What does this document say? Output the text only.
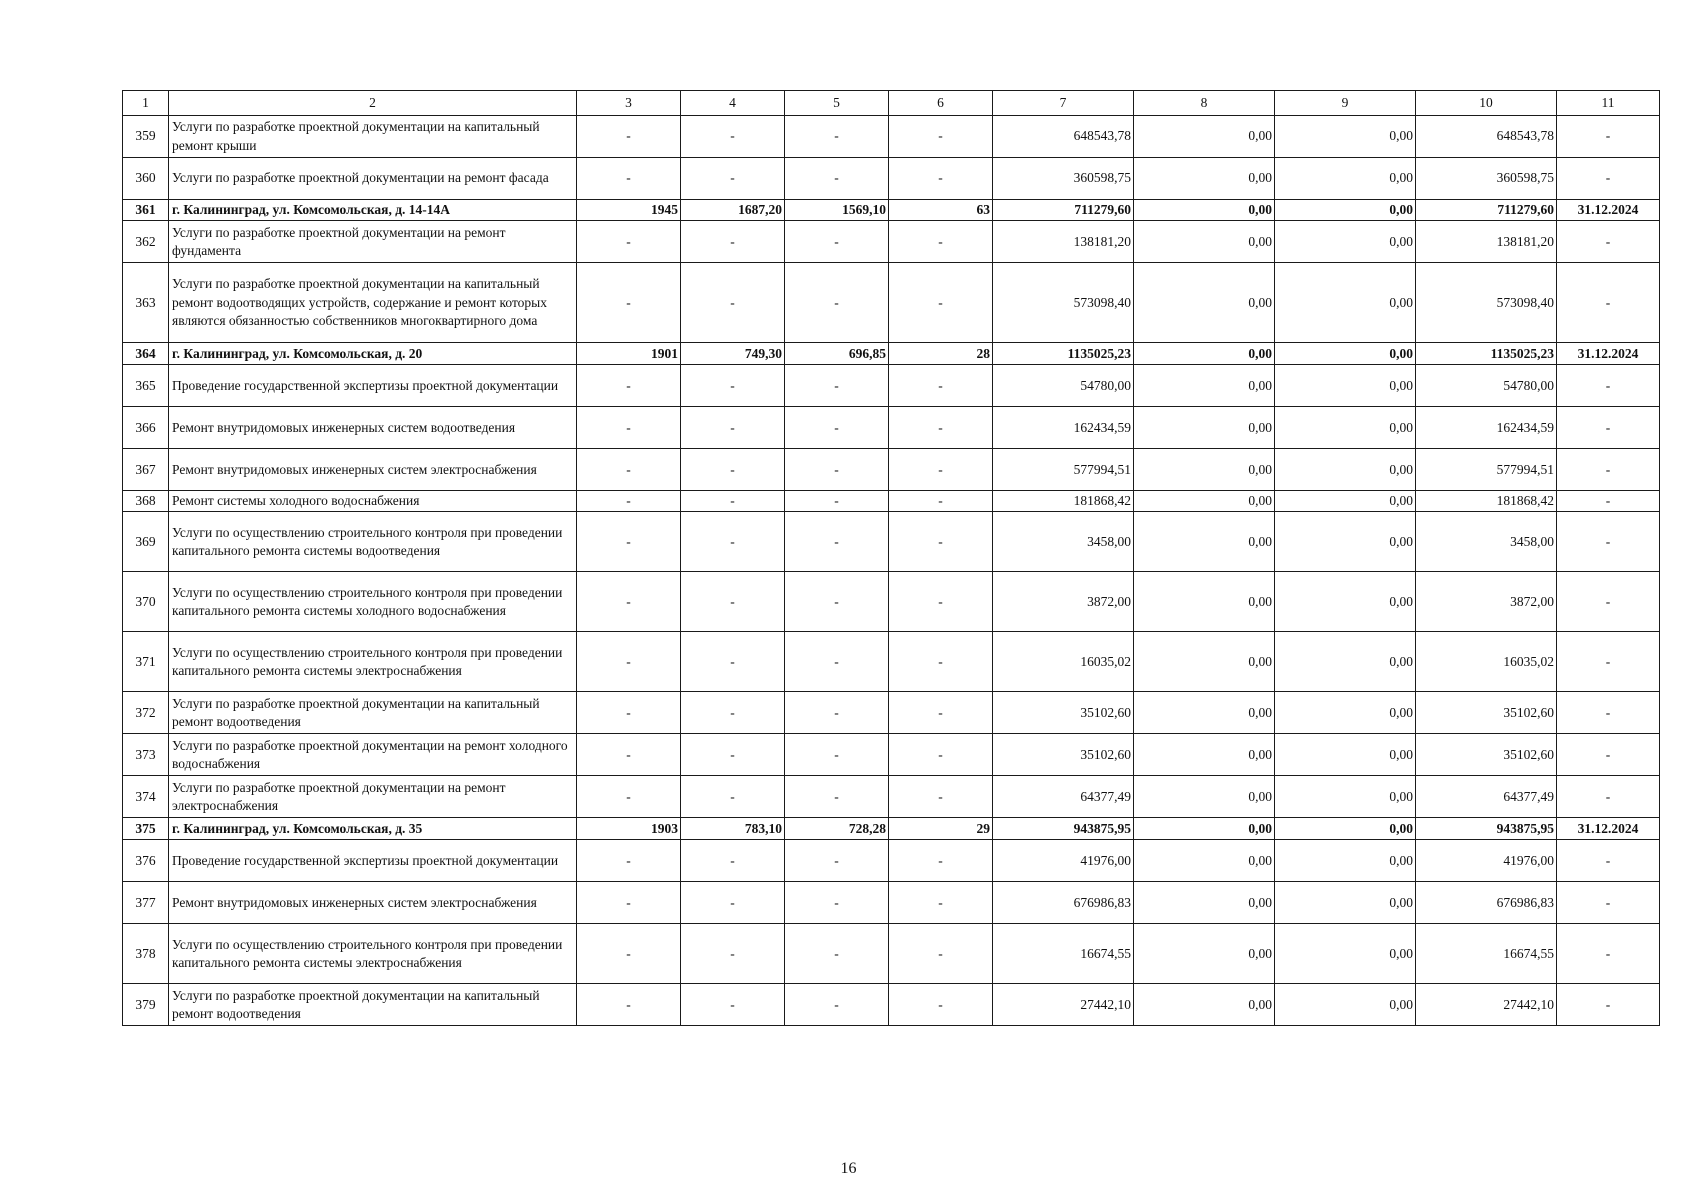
1	2	3	4	5	6	7	8	9	10	11
359	Услуги по разработке проектной документации на капитальный ремонт крыши	-	-	-	-	648543,78	0,00	0,00	648543,78	-
360	Услуги по разработке проектной документации на ремонт фасада	-	-	-	-	360598,75	0,00	0,00	360598,75	-
361	г. Калининград, ул. Комсомольская, д. 14-14А	1945	1687,20	1569,10	63	711279,60	0,00	0,00	711279,60	31.12.2024
362	Услуги по разработке проектной документации на ремонт фундамента	-	-	-	-	138181,20	0,00	0,00	138181,20	-
363	Услуги по разработке проектной документации на капитальный ремонт водоотводящих устройств, содержание и ремонт которых являются обязанностью собственников многоквартирного дома	-	-	-	-	573098,40	0,00	0,00	573098,40	-
364	г. Калининград, ул. Комсомольская, д. 20	1901	749,30	696,85	28	1135025,23	0,00	0,00	1135025,23	31.12.2024
365	Проведение государственной экспертизы проектной документации	-	-	-	-	54780,00	0,00	0,00	54780,00	-
366	Ремонт внутридомовых инженерных систем водоотведения	-	-	-	-	162434,59	0,00	0,00	162434,59	-
367	Ремонт внутридомовых инженерных систем электроснабжения	-	-	-	-	577994,51	0,00	0,00	577994,51	-
368	Ремонт системы холодного водоснабжения	-	-	-	-	181868,42	0,00	0,00	181868,42	-
369	Услуги по осуществлению строительного контроля при проведении капитального ремонта системы водоотведения	-	-	-	-	3458,00	0,00	0,00	3458,00	-
370	Услуги по осуществлению строительного контроля при проведении капитального ремонта системы холодного водоснабжения	-	-	-	-	3872,00	0,00	0,00	3872,00	-
371	Услуги по осуществлению строительного контроля при проведении капитального ремонта системы электроснабжения	-	-	-	-	16035,02	0,00	0,00	16035,02	-
372	Услуги по разработке проектной документации на капитальный ремонт водоотведения	-	-	-	-	35102,60	0,00	0,00	35102,60	-
373	Услуги по разработке проектной документации на ремонт холодного водоснабжения	-	-	-	-	35102,60	0,00	0,00	35102,60	-
374	Услуги по разработке проектной документации на ремонт электроснабжения	-	-	-	-	64377,49	0,00	0,00	64377,49	-
375	г. Калининград, ул. Комсомольская, д. 35	1903	783,10	728,28	29	943875,95	0,00	0,00	943875,95	31.12.2024
376	Проведение государственной экспертизы проектной документации	-	-	-	-	41976,00	0,00	0,00	41976,00	-
377	Ремонт внутридомовых инженерных систем электроснабжения	-	-	-	-	676986,83	0,00	0,00	676986,83	-
378	Услуги по осуществлению строительного контроля при проведении капитального ремонта системы электроснабжения	-	-	-	-	16674,55	0,00	0,00	16674,55	-
379	Услуги по разработке проектной документации на капитальный ремонт водоотведения	-	-	-	-	27442,10	0,00	0,00	27442,10	-
16
